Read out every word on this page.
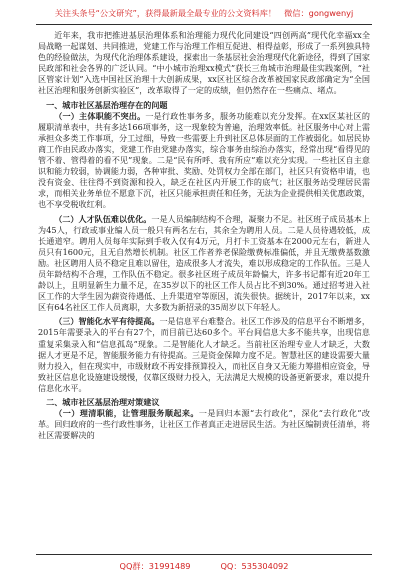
关注头条号“公文研究”，获得最新最全最专业的公文资料库！ 微信：gongwenyj

近年来，我市把推进基层治理体系和治理能力现代化同建设“四创两高”现代化幸福xx全局战略一起谋划、共同推进，党建工作与治理工作相互促进、相得益彰，形成了一系列独具特色的经验做法，为现代化治理体系建设，探索出一条基层社会治理现代化新途径，得到了国家民政部和社会各界的广泛认同。“中小城市治理xx模式”获长三角城市治理最佳实践案例，“社区管家计划”入选中国社区治理十大创新成果，xx区社区综合改革被国家民政部确定为“全国社区治理和服务创新实验区”，改革取得了一定的成绩，但仍然存在一些痛点、堵点。

一、城市社区基层治理存在的问题

（一）主体职能不突出。一是行政性事务多，服务功能难以充分发挥。在xx区某社区的履职清单表中，共有多达166项事务，这一现象较为普遍，治理效率低。社区服务中心对上需承担众多类工作事项，分工过细，导致一些需要上升到社区总体层面的工作被弱化。如居民协商工作由民政办落实，党建工作由党建办落实，综合事务由综治办落实，经常出现“看得见的管不着、管得着的看不见”现象。二是“民有所呼、我有所应”难以充分实现。一些社区自主意识和能力较弱，协调能力弱，各种审批、奖励、处罚权力全部在部门，社区只有资格申请，也没有资金、往往得不到资源和投入，缺乏在社区内开展工作的底气；社区服务站受理居民需求，而相关业务单位不愿意下沉，社区只能承担责任和任务，无法为企业提供相关优惠政策，也不享受税收红利。

（二）人才队伍难以优化。一是人员编制结构不合理，凝聚力不足。社区班子成员基本上为45人，行政或事业编人员一般只有两名左右，其余全为聘用人员。二是人员待遇较低，成长通道窄。聘用人员每年实际到手收入仅有4万元，月打卡工资基本在2000元左右，新进人员只有1600元，且无自然增长机制。社区工作者养老保险缴费标准偏低，并且无缴费基数激励。社区聘用人员不稳定且难以留住，造成很多人才流失，难以形成稳定的工作队伍。三是人员年龄结构不合理，工作队伍不稳定。很多社区班子成员年龄偏大，许多书记都有近20年工龄以上，且明显新生力量不足，在35岁以下的社区工作人员占比不到30%。通过招考进入社区工作的大学生因为薪资待遇低、上升渠道窄等原因，流失很快。据统计，2017年以来，xx区有64名社区工作人员离职，大多数为新招录的35周岁以下年轻人。

（三）智能化水平有待提高。一是信息平台难整合。社区工作涉及的信息平台不断增多，2015年需要录入的平台有27个，而目前已达60多个。平台间信息大多不能共享，出现信息重复采集录入和“信息孤岛”现象。二是智能化人才缺乏。当前社区治理专业人才缺乏，大数据人才更是不足，智能服务能力有待提高。三是资金保障力度不足。智慧社区的建设需要大量财力投入，但在现实中，市级财政不再安排预算投入，而社区自身又无能力筹措相应资金，导致社区信息化设施建设缓慢，仅靠区级财力投入，无法满足大规模的设备更新要求，难以提升信息化水平。

二、城市社区基层治理对策建议

（一）理清职能，让管理服务顺起来。一是回归本源“去行政化”，深化“去行政化”改革。回归政府的一些行政性事务，让社区工作者真正走进居民生活。为社区编制责任清单，将社区需要解决的

QQ群：31991489	QQ：535304092
